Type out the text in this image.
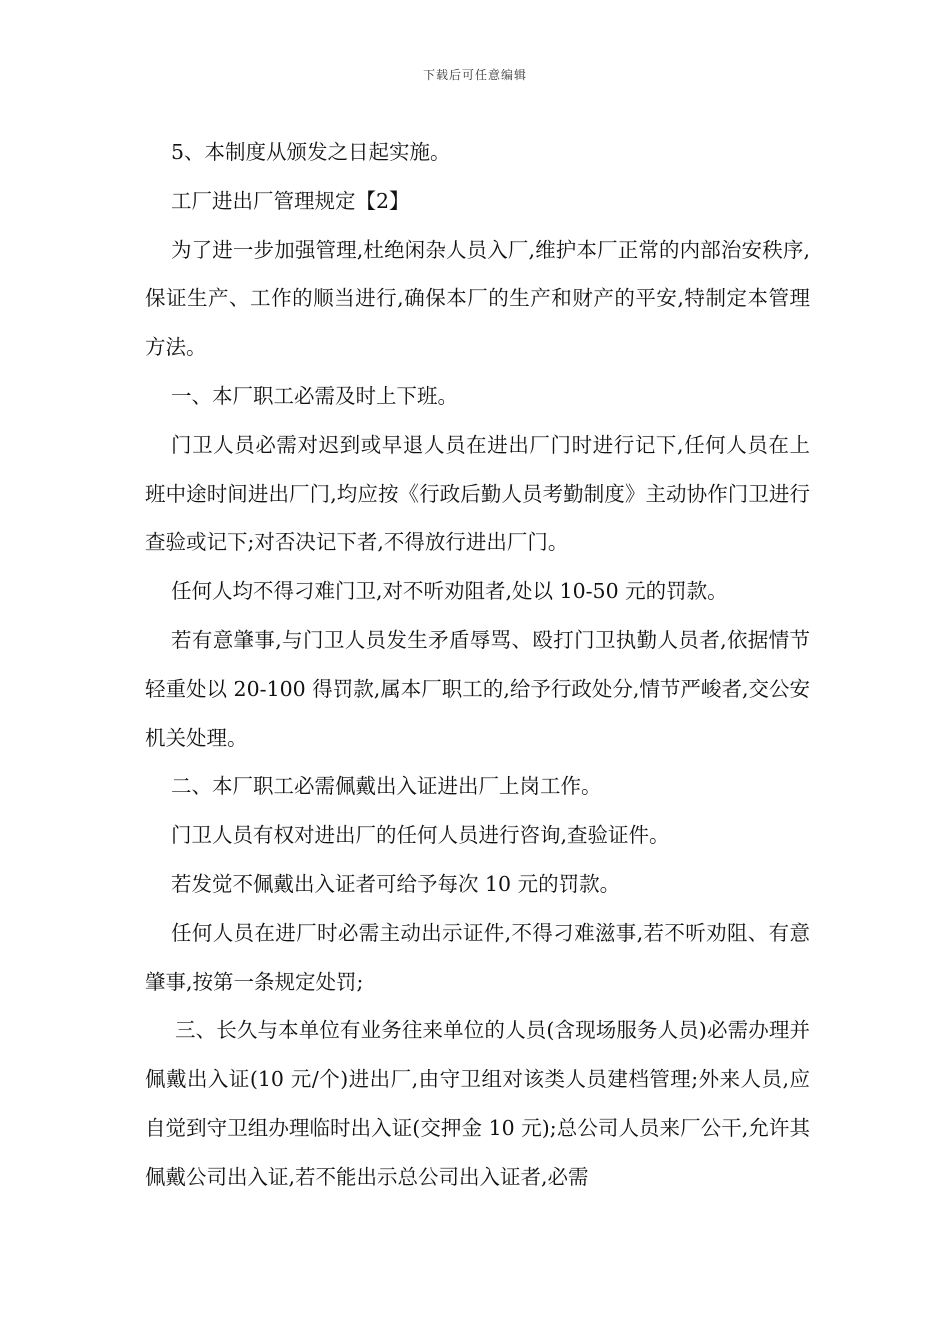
下载后可任意编辑

5、本制度从颁发之日起实施。

工厂进出厂管理规定【2】

为了进一步加强管理,杜绝闲杂人员入厂,维护本厂正常的内部治安秩序,保证生产、工作的顺当进行,确保本厂的生产和财产的平安,特制定本管理方法。

一、本厂职工必需及时上下班。

门卫人员必需对迟到或早退人员在进出厂门时进行记下,任何人员在上班中途时间进出厂门,均应按《行政后勤人员考勤制度》主动协作门卫进行查验或记下;对否决记下者,不得放行进出厂门。

任何人均不得刁难门卫,对不听劝阻者,处以 10-50 元的罚款。

若有意肇事,与门卫人员发生矛盾辱骂、殴打门卫执勤人员者,依据情节轻重处以 20-100 得罚款,属本厂职工的,给予行政处分,情节严峻者,交公安机关处理。

二、本厂职工必需佩戴出入证进出厂上岗工作。

门卫人员有权对进出厂的任何人员进行咨询,查验证件。

若发觉不佩戴出入证者可给予每次 10 元的罚款。

任何人员在进厂时必需主动出示证件,不得刁难滋事,若不听劝阻、有意肇事,按第一条规定处罚;

三、长久与本单位有业务往来单位的人员(含现场服务人员)必需办理并佩戴出入证(10 元/个)进出厂,由守卫组对该类人员建档管理;外来人员,应自觉到守卫组办理临时出入证(交押金 10 元);总公司人员来厂公干,允许其佩戴公司出入证,若不能出示总公司出入证者,必需
